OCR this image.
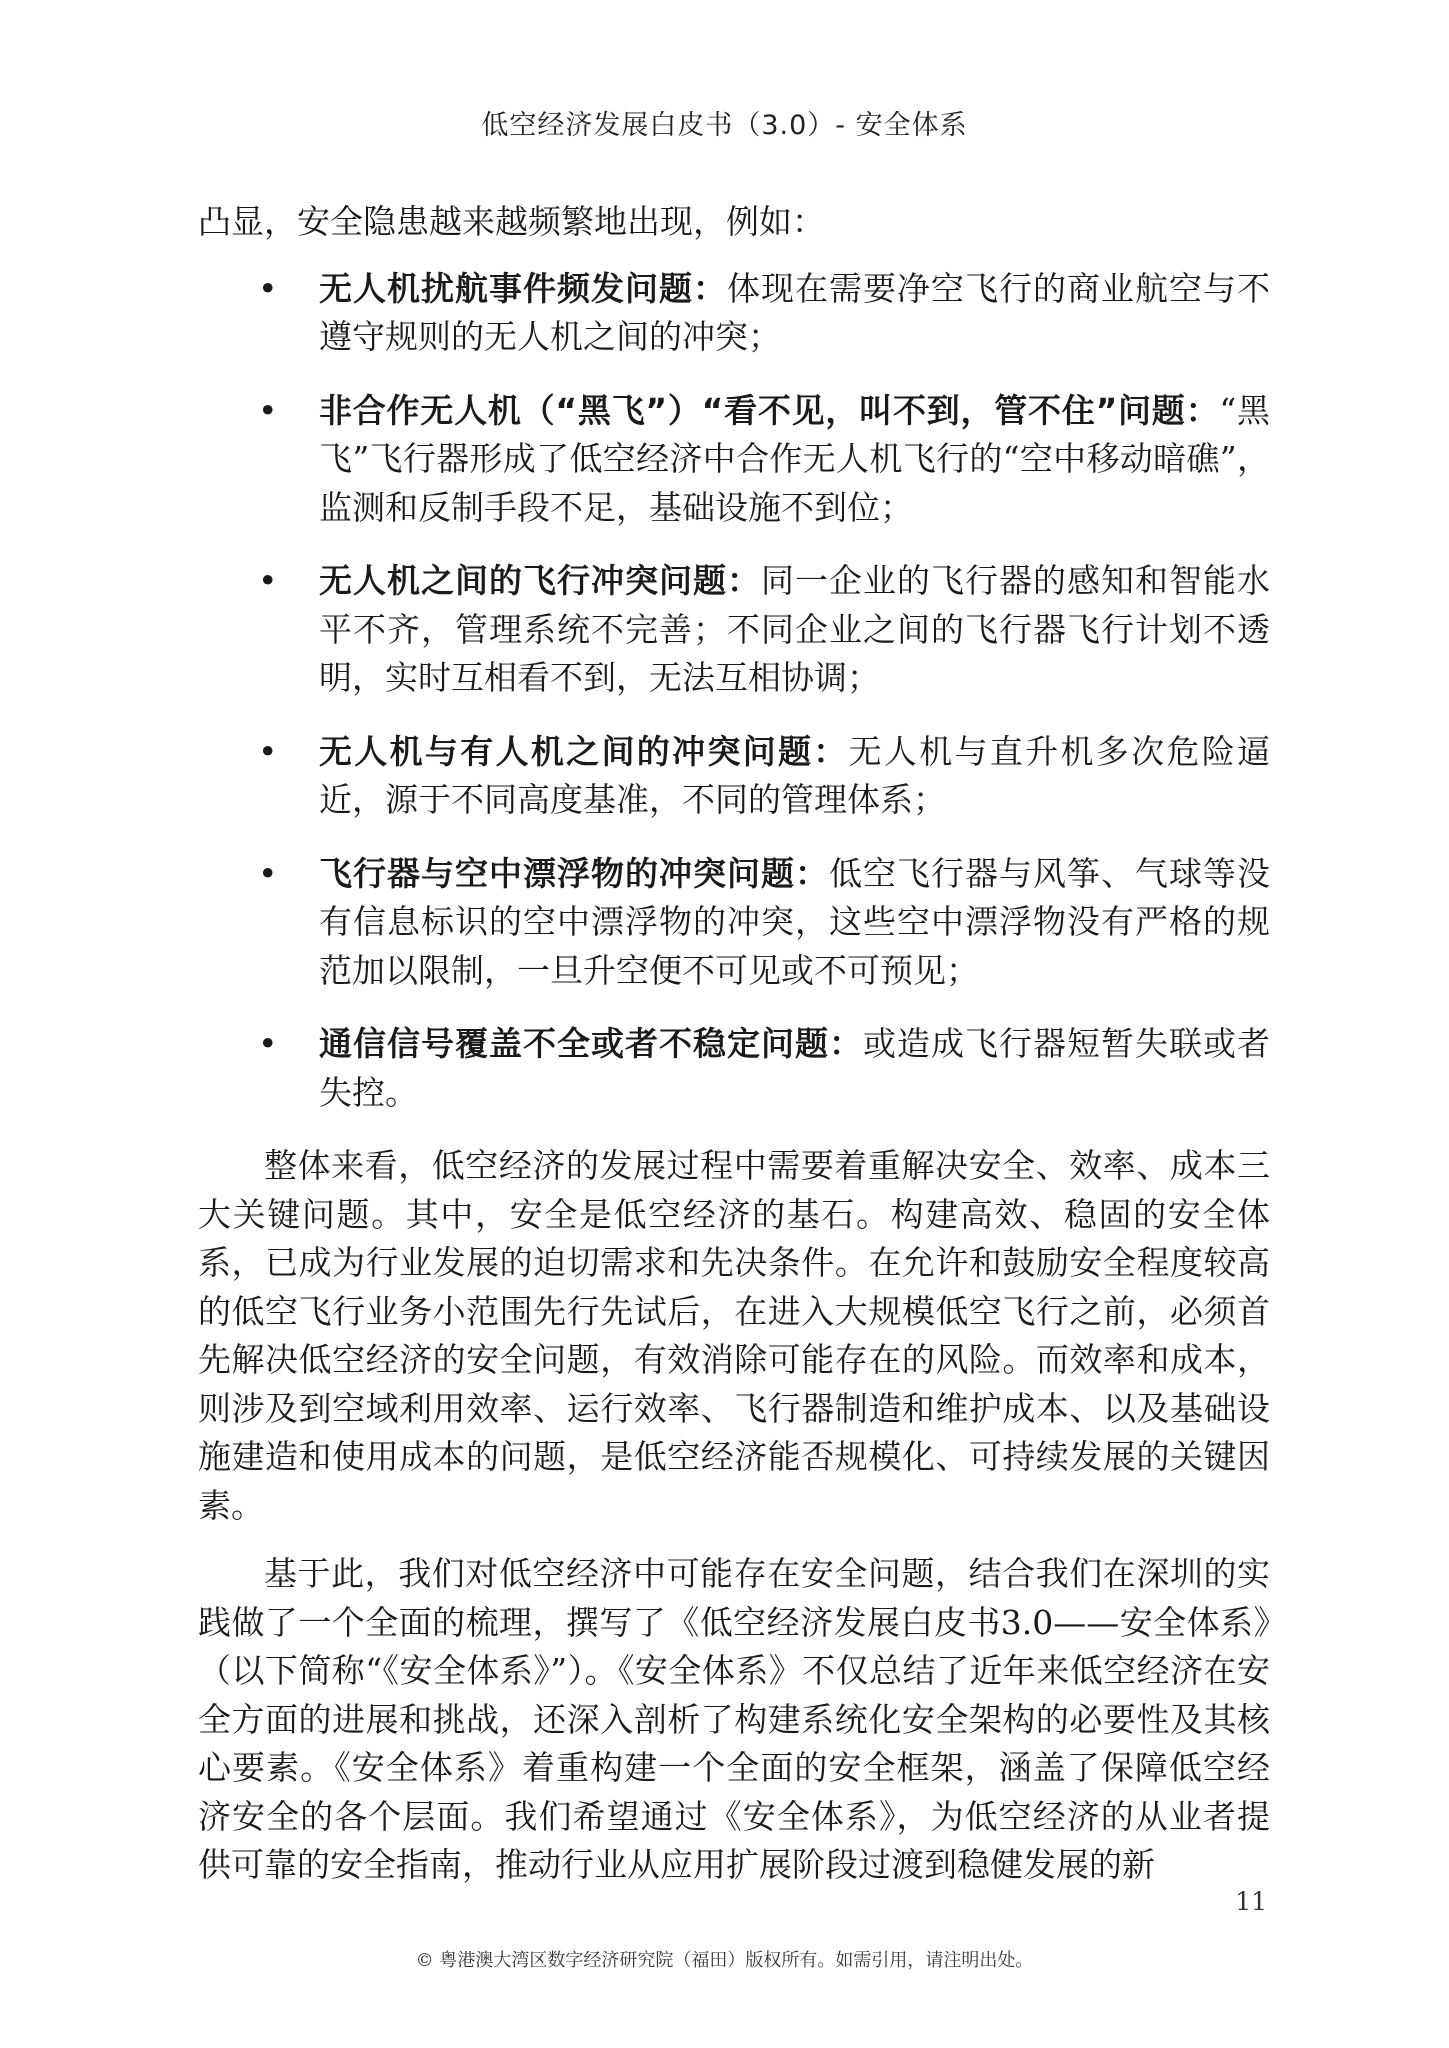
低空经济发展白皮书（3.0）- 安全体系

凸显，安全隐患越来越频繁地出现，例如：

• 无人机扰航事件频发问题：体现在需要净空飞行的商业航空与不遵守规则的无人机之间的冲突；
• 非合作无人机（“黑飞”）“看不见，叫不到，管不住”问题：“黑飞”飞行器形成了低空经济中合作无人机飞行的“空中移动暗礁”，监测和反制手段不足，基础设施不到位；
• 无人机之间的飞行冲突问题：同一企业的飞行器的感知和智能水平不齐，管理系统不完善；不同企业之间的飞行器飞行计划不透明，实时互相看不到，无法互相协调；
• 无人机与有人机之间的冲突问题：无人机与直升机多次危险逼近，源于不同高度基准，不同的管理体系；
• 飞行器与空中漂浮物的冲突问题：低空飞行器与风筝、气球等没有信息标识的空中漂浮物的冲突，这些空中漂浮物没有严格的规范加以限制，一旦升空便不可见或不可预见；
• 通信信号覆盖不全或者不稳定问题：或造成飞行器短暂失联或者失控。

整体来看，低空经济的发展过程中需要着重解决安全、效率、成本三大关键问题。其中，安全是低空经济的基石。构建高效、稳固的安全体系，已成为行业发展的迫切需求和先决条件。在允许和鼓励安全程度较高的低空飞行业务小范围先行先试后，在进入大规模低空飞行之前，必须首先解决低空经济的安全问题，有效消除可能存在的风险。而效率和成本，则涉及到空域利用效率、运行效率、飞行器制造和维护成本、以及基础设施建造和使用成本的问题，是低空经济能否规模化、可持续发展的关键因素。

基于此，我们对低空经济中可能存在安全问题，结合我们在深圳的实践做了一个全面的梳理，撰写了《低空经济发展白皮书3.0——安全体系》（以下简称“《安全体系》”）。《安全体系》不仅总结了近年来低空经济在安全方面的进展和挑战，还深入剖析了构建系统化安全架构的必要性及其核心要素。《安全体系》着重构建一个全面的安全框架，涵盖了保障低空经济安全的各个层面。我们希望通过《安全体系》，为低空经济的从业者提供可靠的安全指南，推动行业从应用扩展阶段过渡到稳健发展的新

11
© 粤港澳大湾区数字经济研究院（福田）版权所有。如需引用，请注明出处。
